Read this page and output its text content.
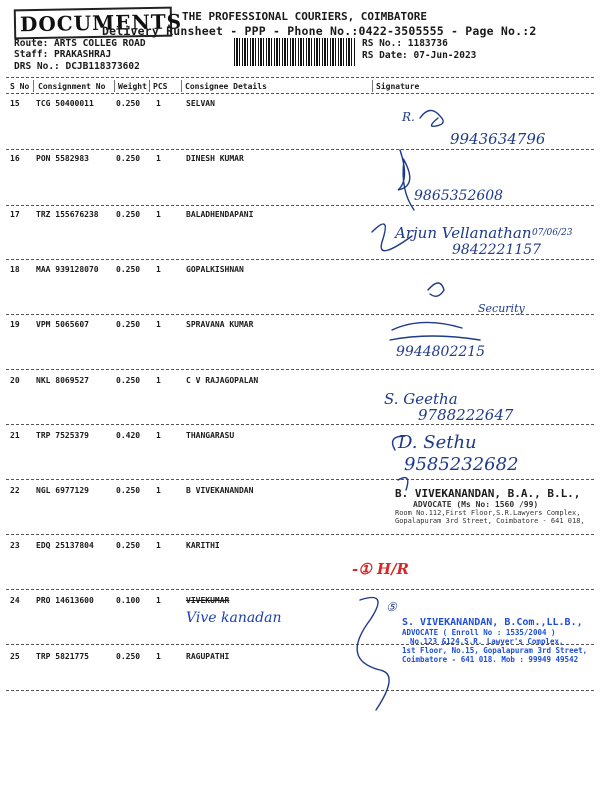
DOCUMENTS THE PROFESSIONAL COURIERS, COIMBATORE
Delivery Runsheet - PPP - Phone No.:0422-3505555 - Page No.:2
Route: ARTS COLLEG ROAD
Staff: PRAKASHRAJ
DRS No.: DCJB118373602
RS No.: 1183736
RS Date: 07-Jun-2023
S No Consignment No Weight PCS Consignee Details	Signature
15 TCG 50400011	0.250 1	SELVAN
16 PON 5582983	0.250 1	DINESH KUMAR
17 TRZ 155676238 0.250 1	BALADHENDAPANI
18 MAA 939128070 0.250 1	GOPALKISHNAN
19 VPM 5065607	0.250 1	SPRAVANA KUMAR
20 NKL 8069527	0.250 1	C V RAJAGOPALAN
21 TRP 7525379	0.420 1	THANGARASU
22 NGL 6977129	0.250 1	B VIVEKANANDAN
23 EDQ 25137804	0.250 1	KARITHI
24 PRO 14613600	0.100 1	VIVEKUMAR
25 TRP 5821775	0.250 1	RAGUPATHI
R.
9943634796
9865352608
Arjun Vellanathan 07/06/23
9842221157
Security
9944802215
S. Geetha
9788222647
D. Sethu
9585232682
B. VIVEKANANDAN, B.A., B.L.,
ADVOCATE (Ms No: 1560 /99)
Room No.112,First Floor,S.R.Lawyers Complex,
Gopalapuram 3rd Street, Coimbatore - 641 018,
-① H/R
Vive kanadan
⑤
S. VIVEKANANDAN, B.Com.,LL.B.,
ADVOCATE ( Enroll No : 1535/2004 )
No.123 &124,S.R. Lawyer's Complex,
1st Floor, No.15, Gopalapuram 3rd Street,
Coimbatore - 641 018. Mob : 99949 49542
